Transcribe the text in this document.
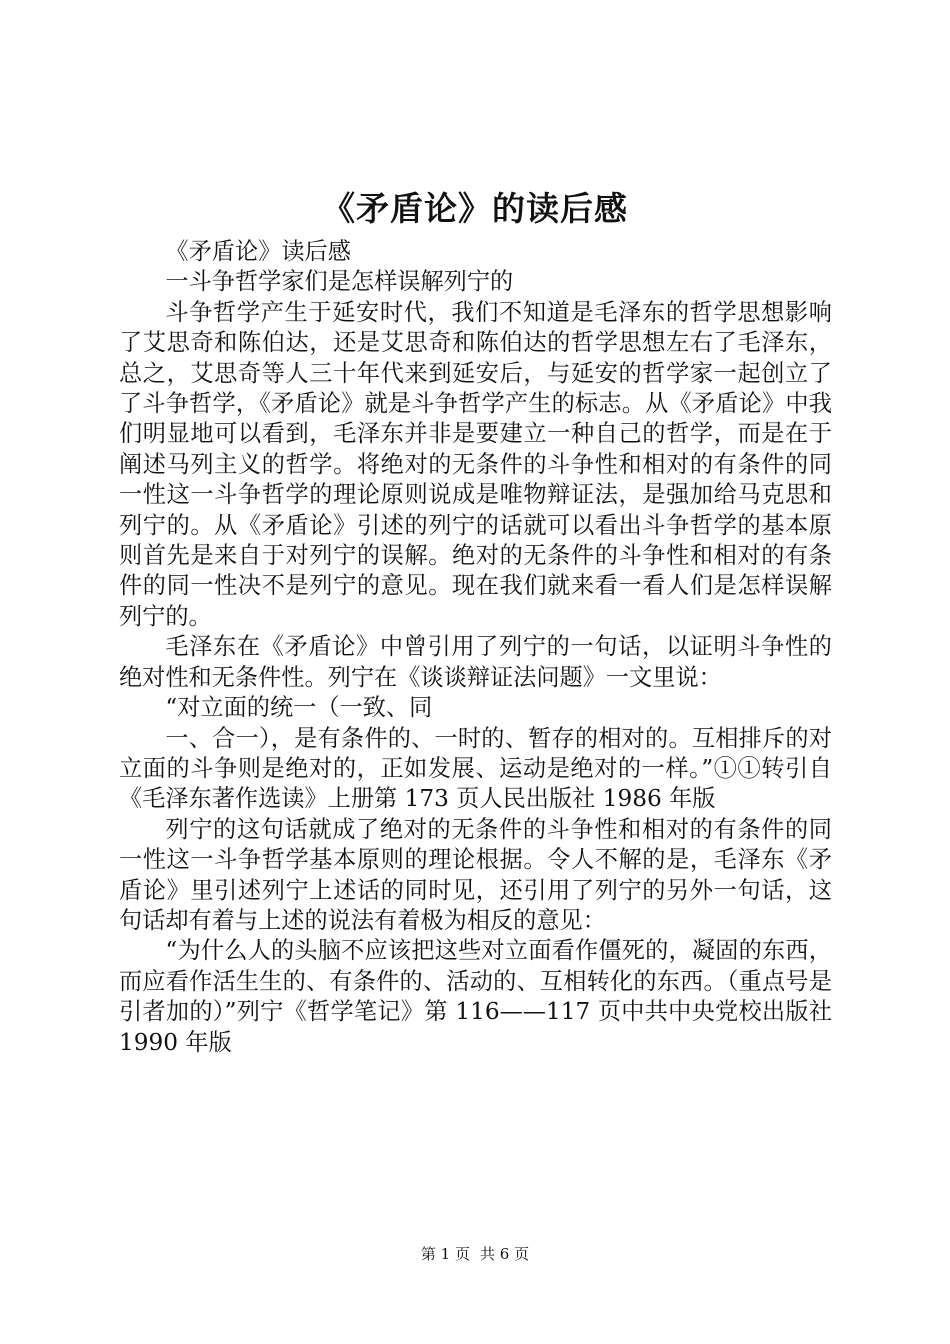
《矛盾论》的读后感

《矛盾论》读后感

一斗争哲学家们是怎样误解列宁的

斗争哲学产生于延安时代，我们不知道是毛泽东的哲学思想影响了艾思奇和陈伯达，还是艾思奇和陈伯达的哲学思想左右了毛泽东，总之，艾思奇等人三十年代来到延安后，与延安的哲学家一起创立了了斗争哲学，《矛盾论》就是斗争哲学产生的标志。从《矛盾论》中我们明显地可以看到，毛泽东并非是要建立一种自己的哲学，而是在于阐述马列主义的哲学。将绝对的无条件的斗争性和相对的有条件的同一性这一斗争哲学的理论原则说成是唯物辩证法，是强加给马克思和列宁的。从《矛盾论》引述的列宁的话就可以看出斗争哲学的基本原则首先是来自于对列宁的误解。绝对的无条件的斗争性和相对的有条件的同一性决不是列宁的意见。现在我们就来看一看人们是怎样误解列宁的。

毛泽东在《矛盾论》中曾引用了列宁的一句话，以证明斗争性的绝对性和无条件性。列宁在《谈谈辩证法问题》一文里说：

“对立面的统一（一致、同

一、合一），是有条件的、一时的、暂存的相对的。互相排斥的对立面的斗争则是绝对的，正如发展、运动是绝对的一样。”①①转引自《毛泽东著作选读》上册第 173 页人民出版社 1986 年版

列宁的这句话就成了绝对的无条件的斗争性和相对的有条件的同一性这一斗争哲学基本原则的理论根据。令人不解的是，毛泽东《矛盾论》里引述列宁上述话的同时见，还引用了列宁的另外一句话，这句话却有着与上述的说法有着极为相反的意见：

“为什么人的头脑不应该把这些对立面看作僵死的，凝固的东西，而应看作活生生的、有条件的、活动的、互相转化的东西。（重点号是引者加的）”列宁《哲学笔记》第 116——117 页中共中央党校出版社 1990 年版

第 1 页 共 6 页
